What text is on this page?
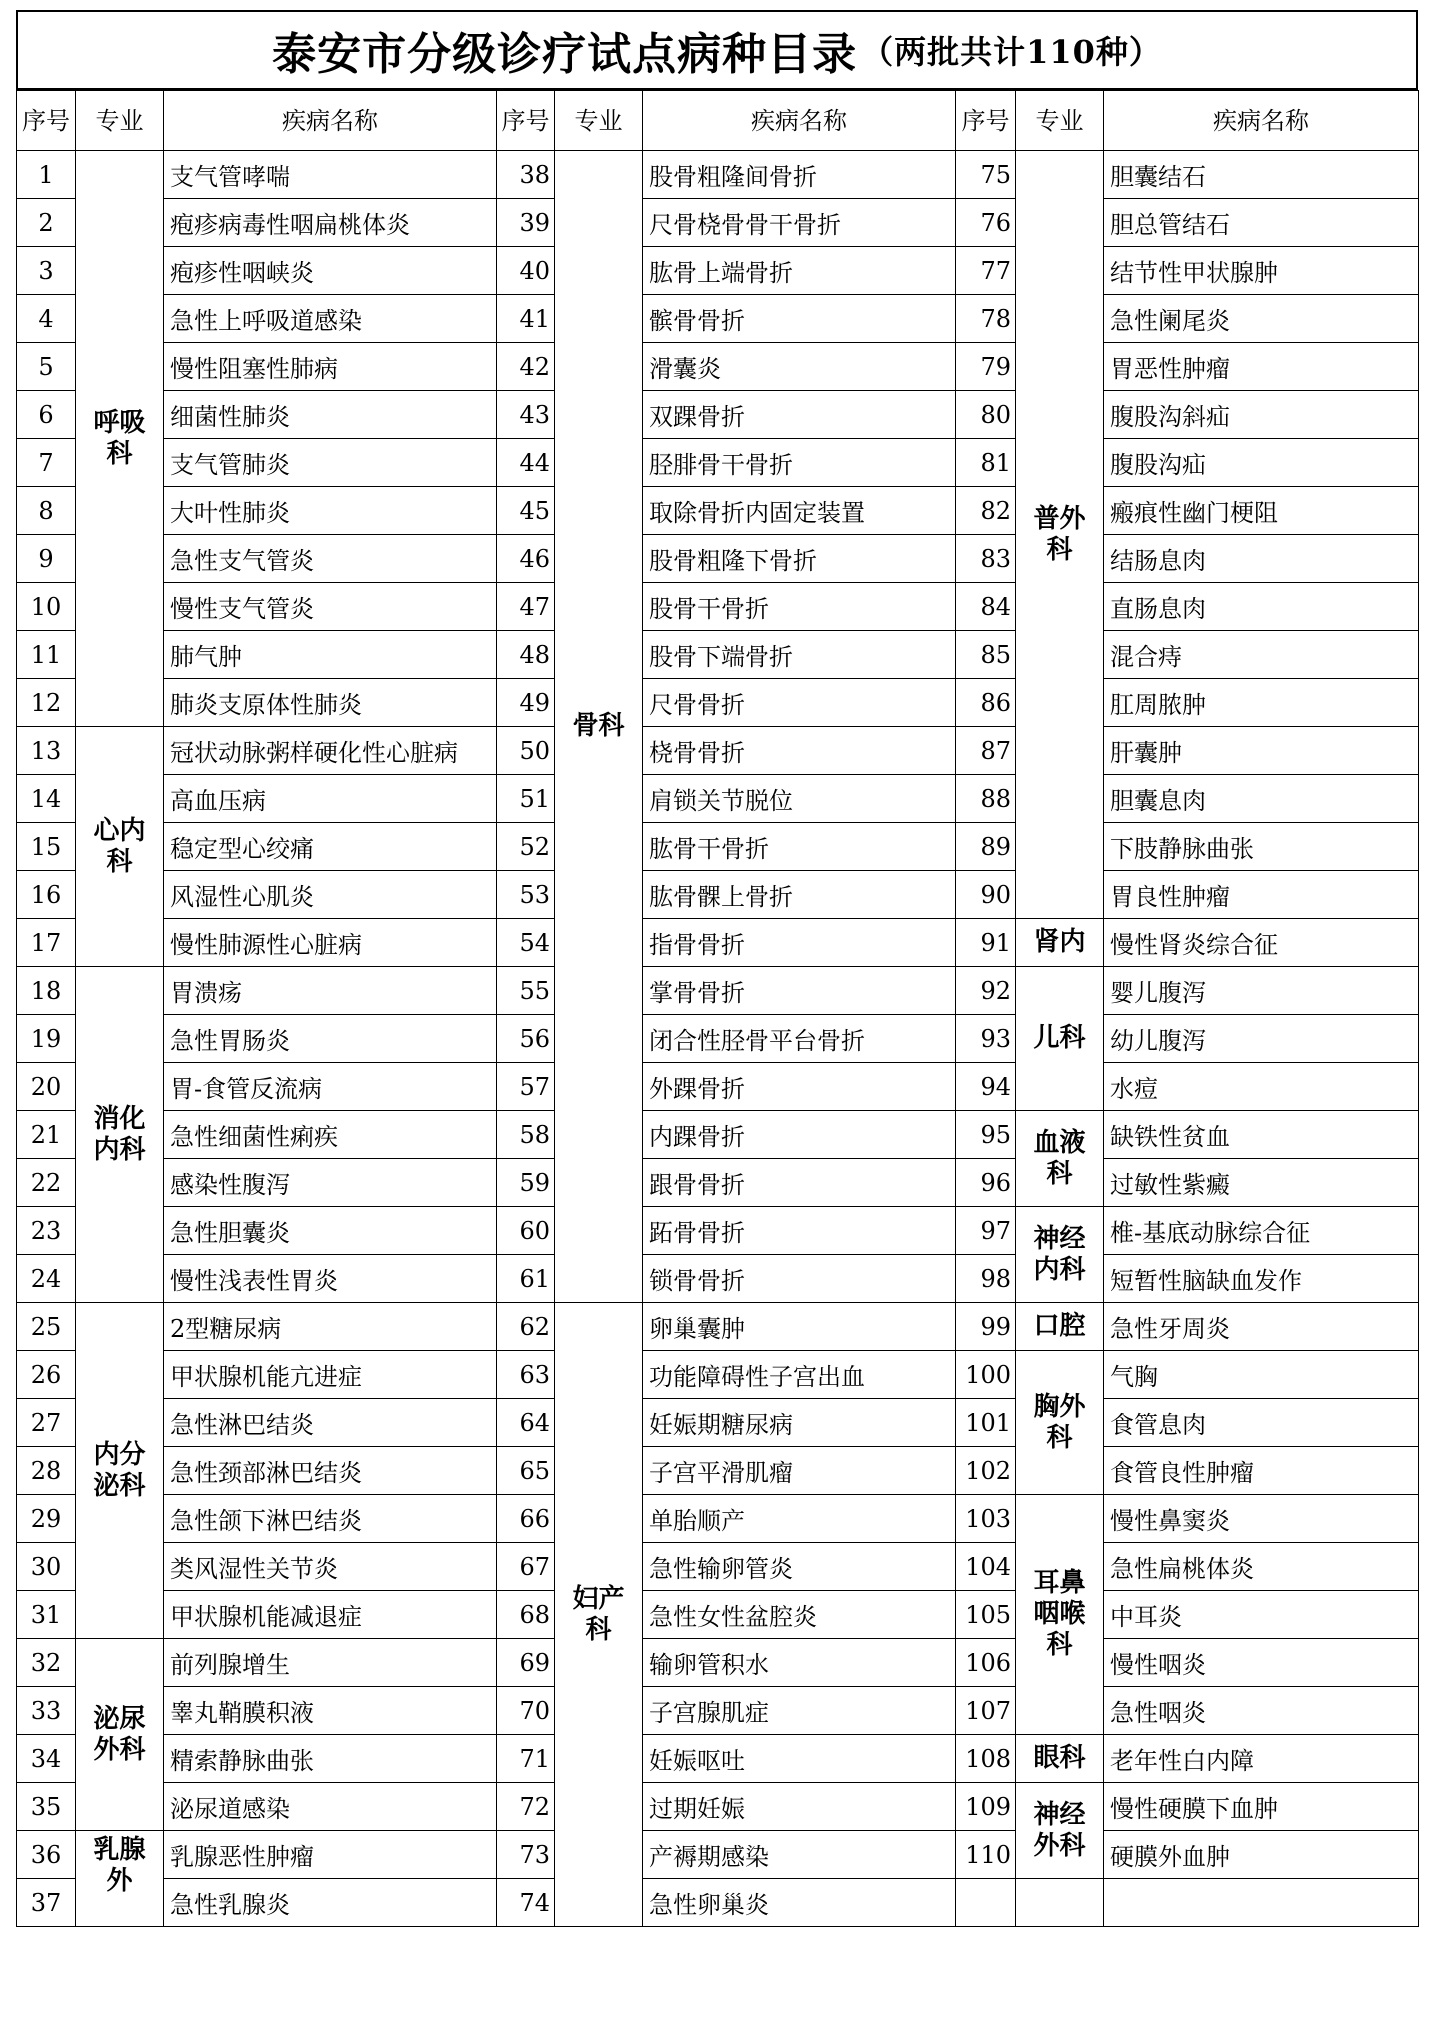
泰安市分级诊疗试点病种目录 （两批共计110种）
序号	专业	疾病名称	序号	专业	疾病名称	序号	专业	疾病名称
1	呼吸科	支气管哮喘	38	骨科	股骨粗隆间骨折	75	普外科	胆囊结石
2		疱疹病毒性咽扁桃体炎	39		尺骨桡骨骨干骨折	76		胆总管结石
3		疱疹性咽峡炎	40		肱骨上端骨折	77		结节性甲状腺肿
4		急性上呼吸道感染	41		髌骨骨折	78		急性阑尾炎
5		慢性阻塞性肺病	42		滑囊炎	79		胃恶性肿瘤
6		细菌性肺炎	43		双踝骨折	80		腹股沟斜疝
7		支气管肺炎	44		胫腓骨干骨折	81		腹股沟疝
8		大叶性肺炎	45		取除骨折内固定装置	82		瘢痕性幽门梗阻
9		急性支气管炎	46		股骨粗隆下骨折	83		结肠息肉
10		慢性支气管炎	47		股骨干骨折	84		直肠息肉
11		肺气肿	48		股骨下端骨折	85		混合痔
12		肺炎支原体性肺炎	49		尺骨骨折	86		肛周脓肿
13	心内科	冠状动脉粥样硬化性心脏病	50		桡骨骨折	87		肝囊肿
14		高血压病	51		肩锁关节脱位	88		胆囊息肉
15		稳定型心绞痛	52		肱骨干骨折	89		下肢静脉曲张
16		风湿性心肌炎	53		肱骨髁上骨折	90		胃良性肿瘤
17		慢性肺源性心脏病	54		指骨骨折	91	肾内	慢性肾炎综合征
18	消化内科	胃溃疡	55		掌骨骨折	92	儿科	婴儿腹泻
19		急性胃肠炎	56		闭合性胫骨平台骨折	93		幼儿腹泻
20		胃-食管反流病	57		外踝骨折	94		水痘
21		急性细菌性痢疾	58		内踝骨折	95	血液科	缺铁性贫血
22		感染性腹泻	59		跟骨骨折	96		过敏性紫癜
23		急性胆囊炎	60		跖骨骨折	97	神经内科	椎-基底动脉综合征
24		慢性浅表性胃炎	61		锁骨骨折	98		短暂性脑缺血发作
25	内分泌科	2型糖尿病	62	妇产科	卵巢囊肿	99	口腔	急性牙周炎
26		甲状腺机能亢进症	63		功能障碍性子宫出血	100	胸外科	气胸
27		急性淋巴结炎	64		妊娠期糖尿病	101		食管息肉
28		急性颈部淋巴结炎	65		子宫平滑肌瘤	102		食管良性肿瘤
29		急性颌下淋巴结炎	66		单胎顺产	103	耳鼻咽喉科	慢性鼻窦炎
30		类风湿性关节炎	67		急性输卵管炎	104		急性扁桃体炎
31		甲状腺机能减退症	68		急性女性盆腔炎	105		中耳炎
32	泌尿外科	前列腺增生	69		输卵管积水	106		慢性咽炎
33		睾丸鞘膜积液	70		子宫腺肌症	107		急性咽炎
34		精索静脉曲张	71		妊娠呕吐	108	眼科	老年性白内障
35		泌尿道感染	72		过期妊娠	109	神经外科	慢性硬膜下血肿
36	乳腺外	乳腺恶性肿瘤	73		产褥期感染	110		硬膜外血肿
37		急性乳腺炎	74		急性卵巢炎			
